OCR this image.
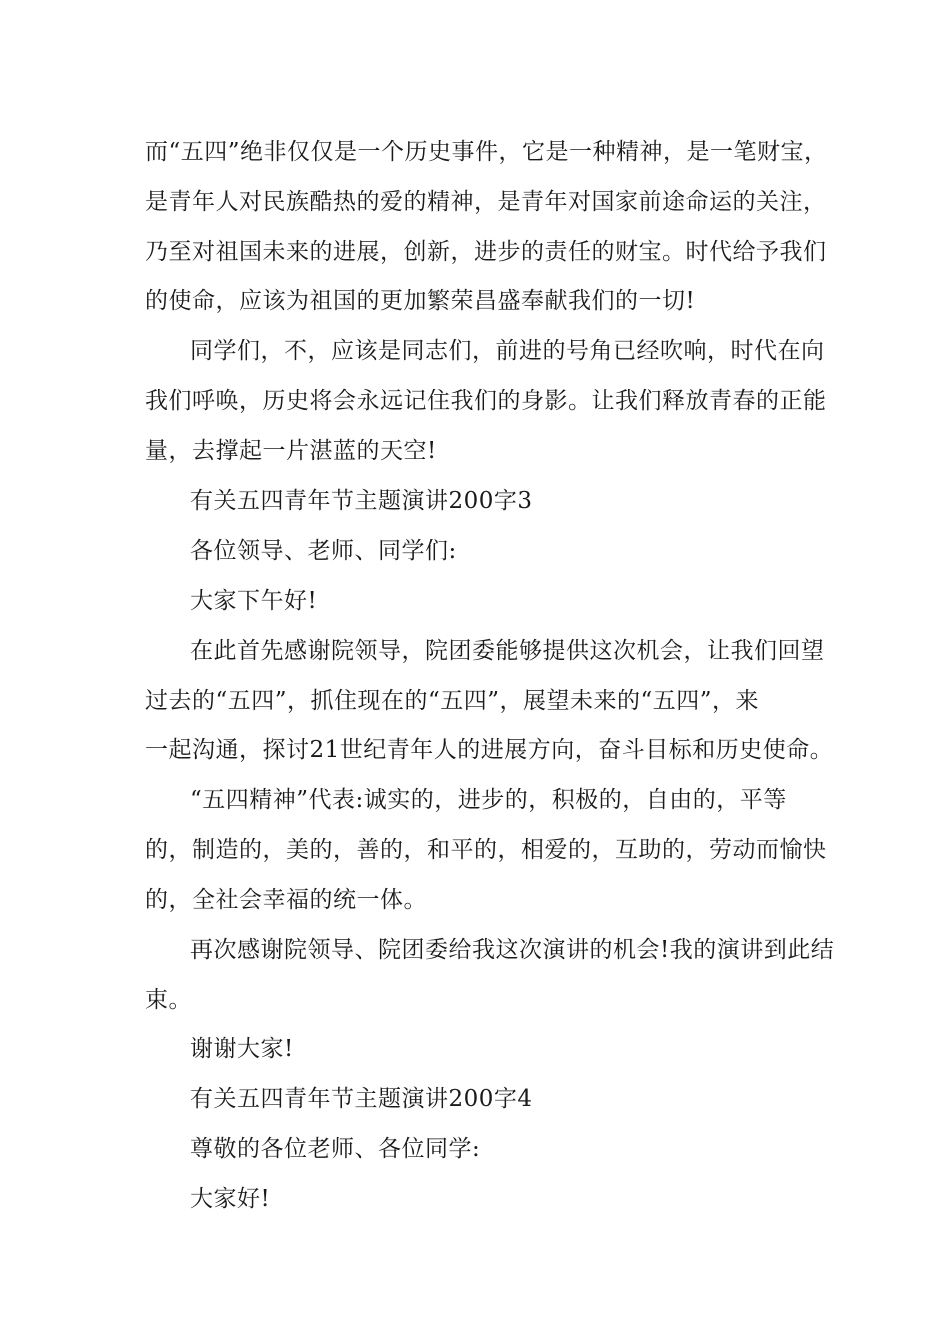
而“五四”绝非仅仅是一个历史事件，它是一种精神，是一笔财宝，
是青年人对民族酷热的爱的精神，是青年对国家前途命运的关注，
乃至对祖国未来的进展，创新，进步的责任的财宝。时代给予我们
的使命，应该为祖国的更加繁荣昌盛奉献我们的一切!
同学们，不，应该是同志们，前进的号角已经吹响，时代在向
我们呼唤，历史将会永远记住我们的身影。让我们释放青春的正能
量，去撑起一片湛蓝的天空!
有关五四青年节主题演讲200字3
各位领导、老师、同学们:
大家下午好!
在此首先感谢院领导，院团委能够提供这次机会，让我们回望
过去的“五四”，抓住现在的“五四”，展望未来的“五四”，来
一起沟通，探讨21世纪青年人的进展方向，奋斗目标和历史使命。
“五四精神”代表:诚实的，进步的，积极的，自由的，平等
的，制造的，美的，善的，和平的，相爱的，互助的，劳动而愉快
的，全社会幸福的统一体。
再次感谢院领导、院团委给我这次演讲的机会!我的演讲到此结
束。
谢谢大家!
有关五四青年节主题演讲200字4
尊敬的各位老师、各位同学:
大家好!
